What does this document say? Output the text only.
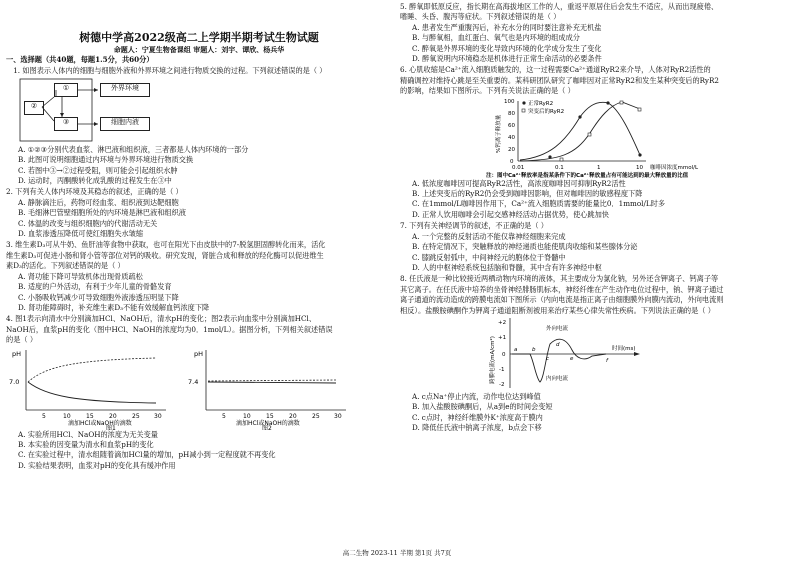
树德中学高2022级高二上学期半期考试生物试题
命题人：宁夏生物备课组 审题人：刘宇、谭欣、杨兵华

一、选择题（共40题，每题1.5分，共60分）

1. 如图表示人体内的细胞与细胞外液和外界环境之间进行物质交换的过程。下列叙述错误的是（ ）

①
②
③
外界环境
细胞内液

A. ①②③分别代表血浆、淋巴液和组织液，三者都是人体内环境的一部分

B. 此图可说明细胞通过内环境与外界环境进行物质交换

C. 若图中③→②过程受阻，则可能会引起组织水肿

D. 运动时，丙酮酸转化成乳酸的过程发生在③中

2. 下列有关人体内环境及其稳态的叙述，正确的是（ ）

A. 静脉滴注后，药物可经血浆、组织液到达靶细胞

B. 毛细淋巴管壁细胞所处的内环境是淋巴液和组织液

C. 体温的改变与组织细胞内的代谢活动无关

D. 血浆渗透压降低可使红细胞失水皱缩

3. 维生素D₃可从牛奶、鱼肝油等食物中获取，也可在阳光下由皮肤中的7-脱氢胆固醇转化而来，活化

维生素D₃可促进小肠和肾小管等部位对钙的吸收。研究发现，肾脏合成和释放的羟化酶可以促进维生

素D₃的活化。下列叙述错误的是（ ）

A. 肾功能下降可导致机体出现骨质疏松

B. 适度的户外活动，有利于少年儿童的骨骼发育

C. 小肠吸收钙减少可导致细胞外液渗透压明显下降

D. 肾功能障碍时，补充维生素D₃不能有效缓解血钙浓度下降

4. 图1表示向清水中分别滴加HCl、NaOH后，清水pH的变化；图2表示向血浆中分别滴加HCl、

NaOH后，血浆pH的变化（图中HCl、NaOH的浓度均为0．1mol/L）。据图分析，下列相关叙述错误

的是（ ）

pH
7.0
5	10	15	20	25 30
滴加HCl或NaOH的滴数
图1
pH
7.4
5	10	15	20	25 30
滴加HCl或NaOH的滴数
图2

A. 实验所用HCl、NaOH的浓度为无关变量

B. 本实验的因变量为清水和血浆pH的变化

C. 在实验过程中，清水组随着滴加HCl量的增加，pH减小到一定程度就不再变化

D. 实验结果表明，血浆对pH的变化具有缓冲作用

5. 醉氧即低原反应，指长期在高海拔地区工作的人，重返平原居住后会发生不适应，从而出现疲倦、

嗜睡、头昏、腹泻等症状。下列叙述错误的是（ ）

A. 患者发生严重腹泻后，补充水分的同时要注意补充无机盐

B. 与醉氧相，血红蛋白、氧气也是内环境的组成成分

C. 醉氧是外界环境的变化导致内环境的化学成分发生了变化

D. 醉氧说明内环境稳态是机体进行正常生命活动的必要条件

6. 心肌收缩是Ca²⁺流入细胞质触发的，这一过程需要Ca²⁺通道RyR2来介导，人体对RyR2活性的

精确调控对维持心跳是至关重要的。某科研团队研究了咖啡因对正常RyR2和发生某种突变后的RyR2

的影响，结果如下图所示。下列有关说法正确的是（ ）

%钙离子释放量
0
20
40
60
80
100 正常RyR2
突变后的RyR2
0.01	0.1	1	10 咖啡因浓度mmol/L
注：图中Ca²⁺释放率是指某条件下的Ca²⁺释放量占有可能达到的最大释放量的比值

A. 低浓度咖啡因可提高RyR2活性，高浓度咖啡因可抑制RyR2活性

B. 上述突变后的RyR2仍会受到咖啡因影响，但对咖啡因的敏感程度下降

C. 在1mmol/L咖啡因作用下，Ca²⁺流入细胞质需要的能量比0．1mmol/L时多

D. 正常人饮用咖啡会引起交感神经活动占据优势，使心跳加快

7. 下列有关神经调节的叙述，不正确的是（ ）

A. 一个完整的反射活动不能仅靠神经细胞来完成

B. 在特定情况下，突触释放的神经递质也能使肌肉收缩和某些腺体分泌

C. 膝跳反射弧中，中间神经元的胞体位于脊髓中

D. 人的中枢神经系统包括脑和脊髓，其中含有许多神经中枢

8. 任氏液是一种比较接近两栖动物内环境的液体，其主要成分为氯化钠，另外还含钾离子、钙离子等

其它离子。在任氏液中培养的坐骨神经腓肠肌标本，神经纤维在产生动作电位过程中，钠、钾离子通过

离子通道的流动造成的跨膜电流如下图所示（内向电流是指正离子由细胞膜外向膜内流动，外向电流则

相反）。盐酸胺碘酮作为钾离子通道阻断剂被用来治疗某些心律失常性疾病。下列说法正确的是（ ）

跨膜电流(mA/cm²)
+2
+1
0
-1
-2
a	b
c
d
e	f
外向电流
内向电流
时间(ms)

A. c点Na⁺停止内流，动作电位达到峰值

B. 加入盐酸胺碘酮后，从a到e的时间会变短

C. c点时，神经纤维膜外K⁺浓度高于膜内

D. 降低任氏液中钠离子浓度，b点会下移

高二生物 2023-11 半期 第1页 共7页
